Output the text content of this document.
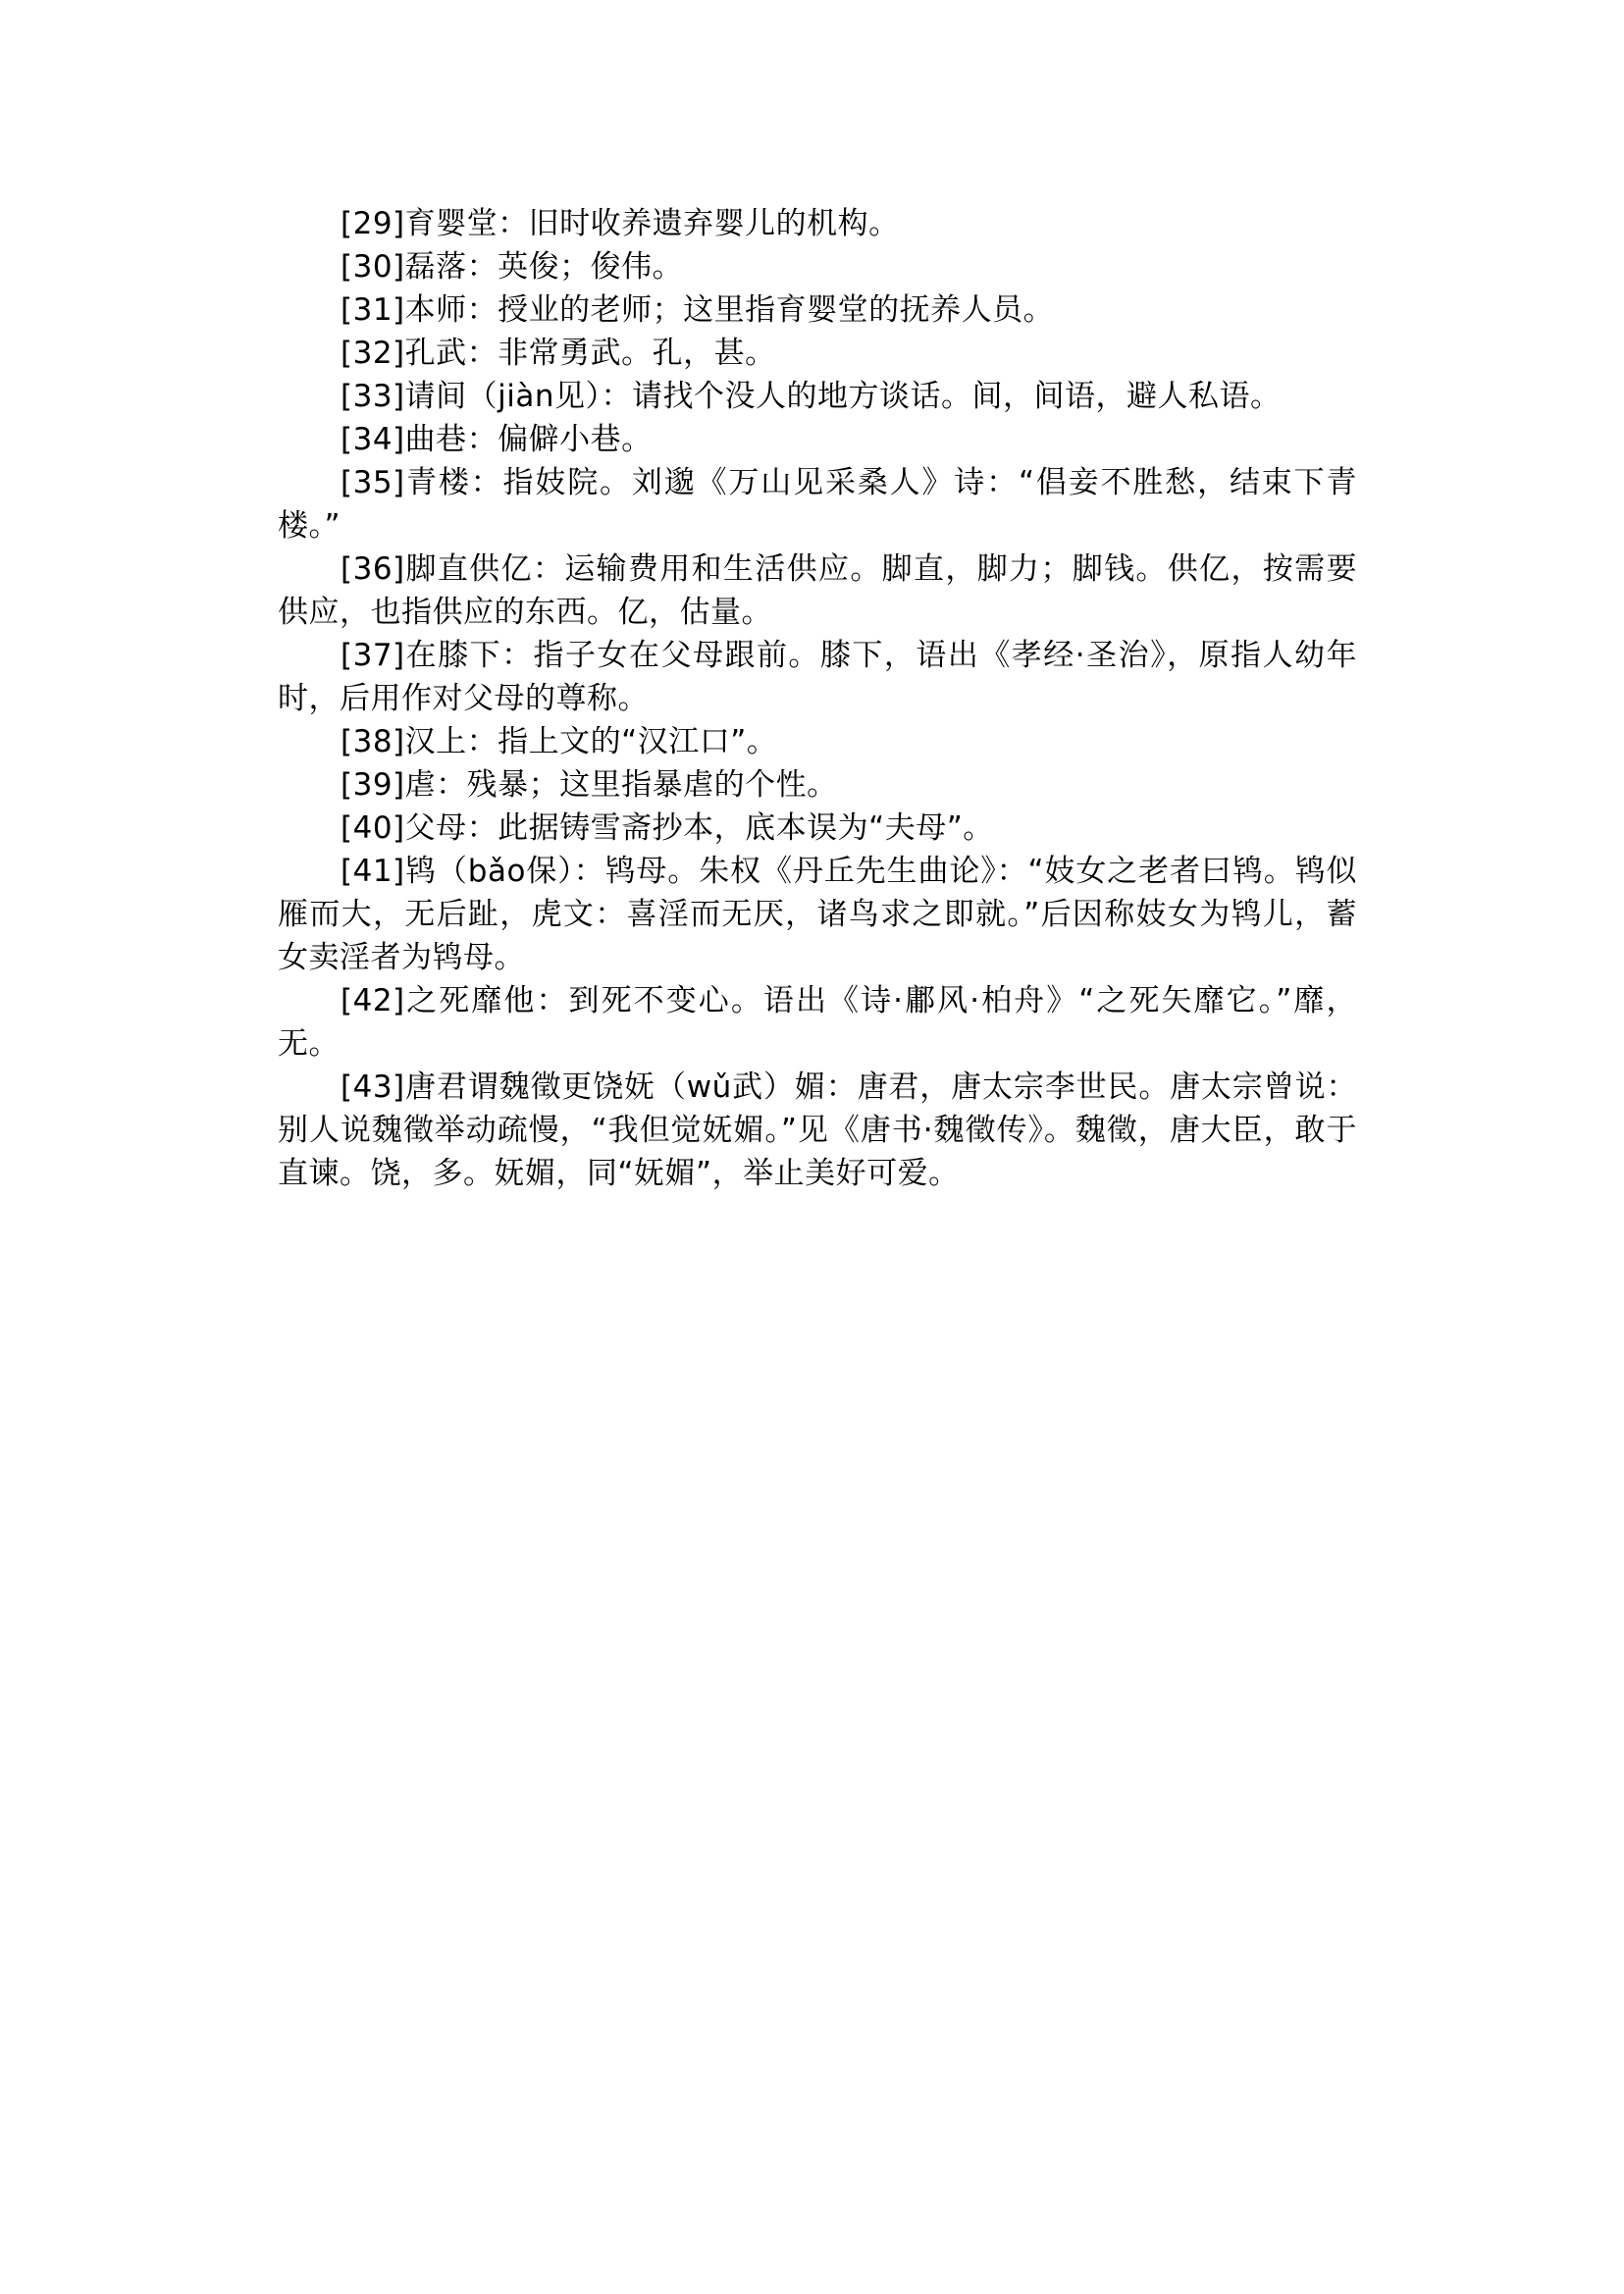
[29]育婴堂：旧时收养遗弃婴儿的机构。

[30]磊落：英俊；俊伟。

[31]本师：授业的老师；这里指育婴堂的抚养人员。

[32]孔武：非常勇武。孔，甚。

[33]请间（jiàn见）：请找个没人的地方谈话。间，间语，避人私语。

[34]曲巷：偏僻小巷。

[35]青楼：指妓院。刘邈《万山见采桑人》诗：“倡妾不胜愁，结束下青楼。”

[36]脚直供亿：运输费用和生活供应。脚直，脚力；脚钱。供亿，按需要供应，也指供应的东西。亿，估量。

[37]在膝下：指子女在父母跟前。膝下，语出《孝经·圣治》，原指人幼年时，后用作对父母的尊称。

[38]汉上：指上文的“汉江口”。

[39]虐：残暴；这里指暴虐的个性。

[40]父母：此据铸雪斋抄本，底本误为“夫母”。

[41]鸨（bǎo保）：鸨母。朱权《丹丘先生曲论》：“妓女之老者曰鸨。鸨似雁而大，无后趾，虎文：喜淫而无厌，诸鸟求之即就。”后因称妓女为鸨儿，蓄女卖淫者为鸨母。

[42]之死靡他：到死不变心。语出《诗·鄘风·柏舟》“之死矢靡它。”靡，无。

[43]唐君谓魏徵更饶妩（wǔ武）媚：唐君，唐太宗李世民。唐太宗曾说：别人说魏徵举动疏慢，“我但觉妩媚。”见《唐书·魏徵传》。魏徵，唐大臣，敢于直谏。饶，多。妩媚，同“妩媚”，举止美好可爱。
